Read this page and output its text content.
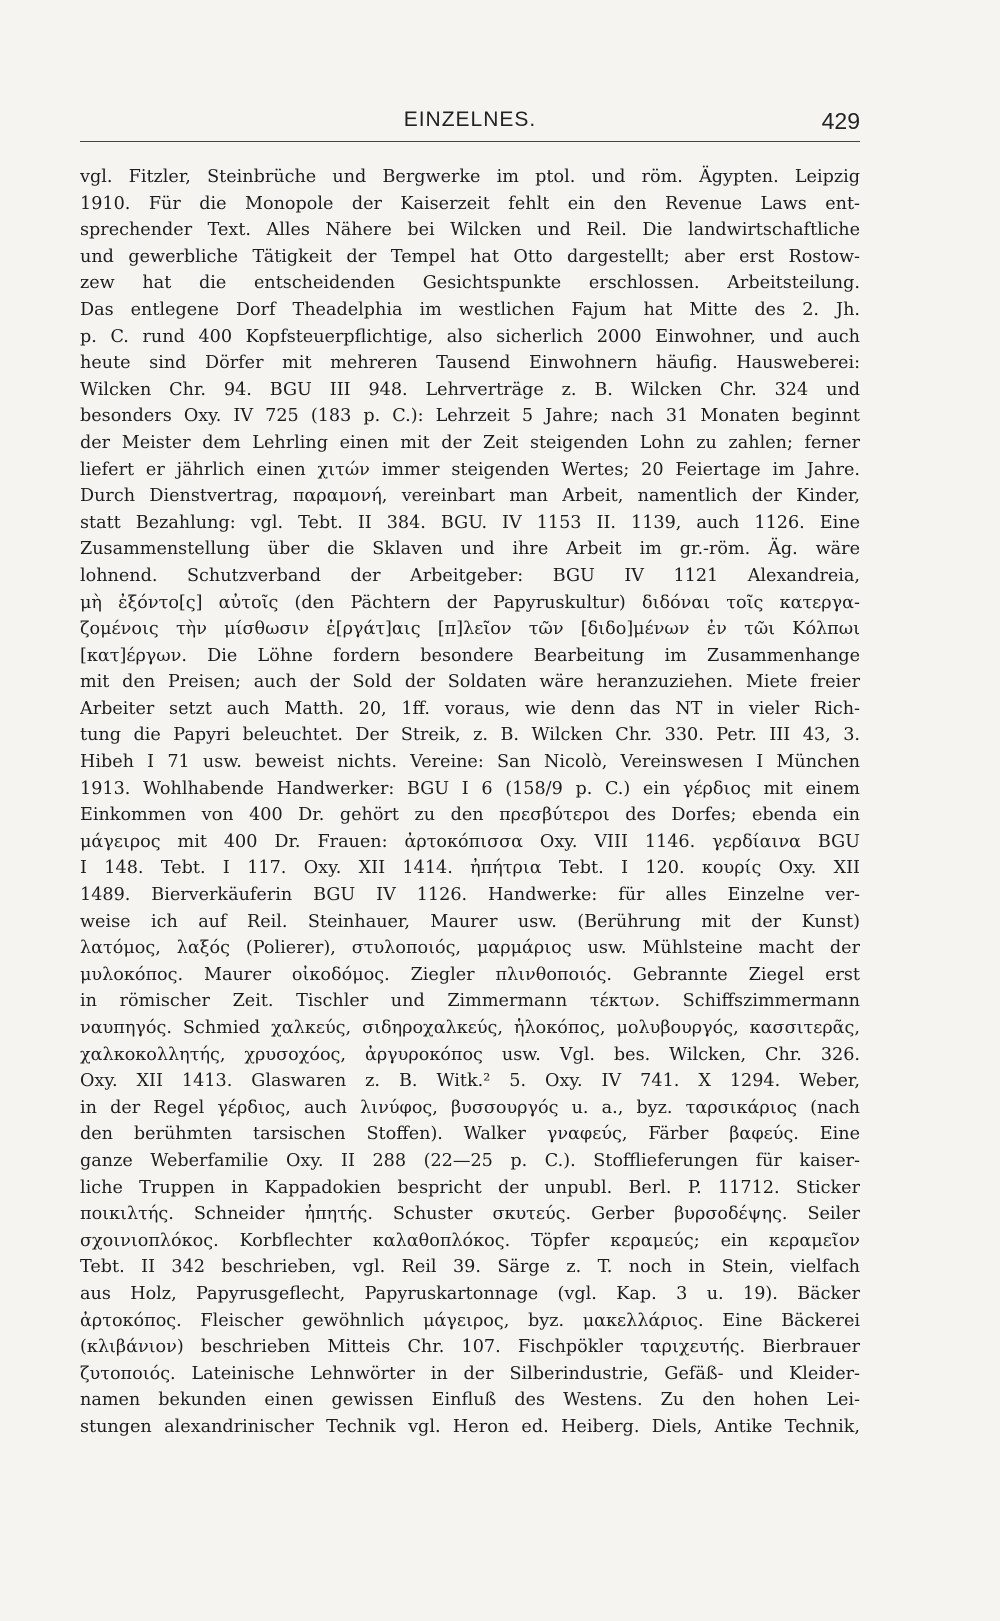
EINZELNES.	429
vgl. Fitzler, Steinbrüche und Bergwerke im ptol. und röm. Ägypten. Leipzig
1910. Für die Monopole der Kaiserzeit fehlt ein den Revenue Laws ent-
sprechender Text. Alles Nähere bei Wilcken und Reil. Die landwirtschaftliche
und gewerbliche Tätigkeit der Tempel hat Otto dargestellt; aber erst Rostow-
zew hat die entscheidenden Gesichtspunkte erschlossen. Arbeitsteilung.
Das entlegene Dorf Theadelphia im westlichen Fajum hat Mitte des 2. Jh.
p. C. rund 400 Kopfsteuerpflichtige, also sicherlich 2000 Einwohner, und auch
heute sind Dörfer mit mehreren Tausend Einwohnern häufig. Hausweberei:
Wilcken Chr. 94. BGU III 948. Lehrverträge z. B. Wilcken Chr. 324 und
besonders Oxy. IV 725 (183 p. C.): Lehrzeit 5 Jahre; nach 31 Monaten beginnt
der Meister dem Lehrling einen mit der Zeit steigenden Lohn zu zahlen; ferner
liefert er jährlich einen χιτών immer steigenden Wertes; 20 Feiertage im Jahre.
Durch Dienstvertrag, παραμονή, vereinbart man Arbeit, namentlich der Kinder,
statt Bezahlung: vgl. Tebt. II 384. BGU. IV 1153 II. 1139, auch 1126. Eine
Zusammenstellung über die Sklaven und ihre Arbeit im gr.-röm. Äg. wäre
lohnend. Schutzverband der Arbeitgeber: BGU IV 1121 Alexandreia,
μὴ ἐξόντο[ς] αὐτοῖς (den Pächtern der Papyruskultur) διδόναι τοῖς κατεργα-
ζομένοις τὴν μίσθωσιν ἐ[ργάτ]αις [π]λεῖον τῶν [διδο]μένων ἐν τῶι Κόλπωι
[κατ]έργων. Die Löhne fordern besondere Bearbeitung im Zusammenhange
mit den Preisen; auch der Sold der Soldaten wäre heranzuziehen. Miete freier
Arbeiter setzt auch Matth. 20, 1ff. voraus, wie denn das NT in vieler Rich-
tung die Papyri beleuchtet. Der Streik, z. B. Wilcken Chr. 330. Petr. III 43, 3.
Hibeh I 71 usw. beweist nichts. Vereine: San Nicolò, Vereinswesen I München
1913. Wohlhabende Handwerker: BGU I 6 (158/9 p. C.) ein γέρδιος mit einem
Einkommen von 400 Dr. gehört zu den πρεσβύτεροι des Dorfes; ebenda ein
μάγειρος mit 400 Dr. Frauen: ἀρτοκόπισσα Oxy. VIII 1146. γερδίαινα BGU
I 148. Tebt. I 117. Oxy. XII 1414. ἠπήτρια Tebt. I 120. κουρίς Oxy. XII
1489. Bierverkäuferin BGU IV 1126. Handwerke: für alles Einzelne ver-
weise ich auf Reil. Steinhauer, Maurer usw. (Berührung mit der Kunst)
λατόμος, λαξός (Polierer), στυλοποιός, μαρμάριος usw. Mühlsteine macht der
μυλοκόπος. Maurer οἰκοδόμος. Ziegler πλινθοποιός. Gebrannte Ziegel erst
in römischer Zeit. Tischler und Zimmermann τέκτων. Schiffszimmermann
ναυπηγός. Schmied χαλκεύς, σιδηροχαλκεύς, ἡλοκόπος, μολυβουργός, κασσιτερᾶς,
χαλκοκολλητής, χρυσοχόος, ἀργυροκόπος usw. Vgl. bes. Wilcken, Chr. 326.
Oxy. XII 1413. Glaswaren z. B. Witk.² 5. Oxy. IV 741. X 1294. Weber,
in der Regel γέρδιος, auch λινύφος, βυσσουργός u. a., byz. ταρσικάριος (nach
den berühmten tarsischen Stoffen). Walker γναφεύς, Färber βαφεύς. Eine
ganze Weberfamilie Oxy. II 288 (22—25 p. C.). Stofflieferungen für kaiser-
liche Truppen in Kappadokien bespricht der unpubl. Berl. P. 11712. Sticker
ποικιλτής. Schneider ἠπητής. Schuster σκυτεύς. Gerber βυρσοδέψης. Seiler
σχοινιοπλόκος. Korbflechter καλαθοπλόκος. Töpfer κεραμεύς; ein κεραμεῖον
Tebt. II 342 beschrieben, vgl. Reil 39. Särge z. T. noch in Stein, vielfach
aus Holz, Papyrusgeflecht, Papyruskartonnage (vgl. Kap. 3 u. 19). Bäcker
ἀρτοκόπος. Fleischer gewöhnlich μάγειρος, byz. μακελλάριος. Eine Bäckerei
(κλιβάνιον) beschrieben Mitteis Chr. 107. Fischpökler ταριχευτής. Bierbrauer
ζυτοποιός. Lateinische Lehnwörter in der Silberindustrie, Gefäß- und Kleider-
namen bekunden einen gewissen Einfluß des Westens. Zu den hohen Lei-
stungen alexandrinischer Technik vgl. Heron ed. Heiberg. Diels, Antike Technik,
